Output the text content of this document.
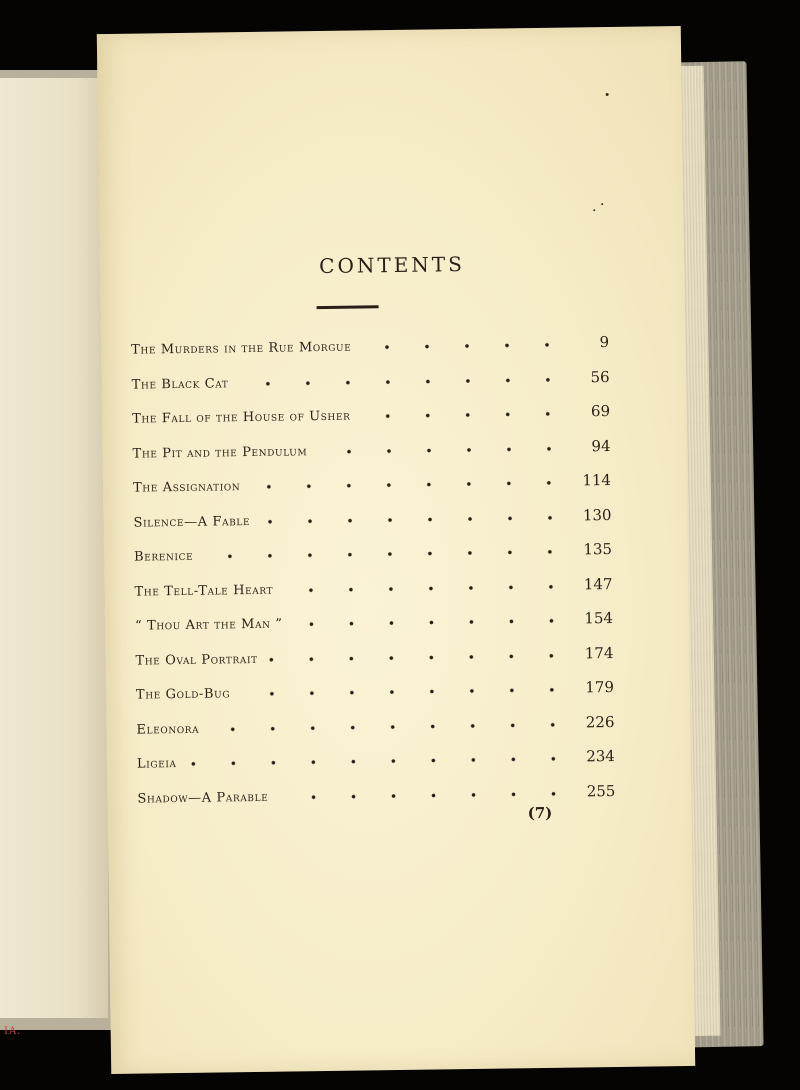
IA.
CONTENTS
The Murders in the Rue Morgue	9
The Black Cat	56
The Fall of the House of Usher	69
The Pit and the Pendulum	94
The Assignation	114
Silence—A Fable	130
Berenice	135
The Tell-Tale Heart	147
“ Thou Art the Man ”	154
The Oval Portrait	174
The Gold-Bug	179
Eleonora	226
Ligeia	234
Shadow—A Parable	255
(7)
